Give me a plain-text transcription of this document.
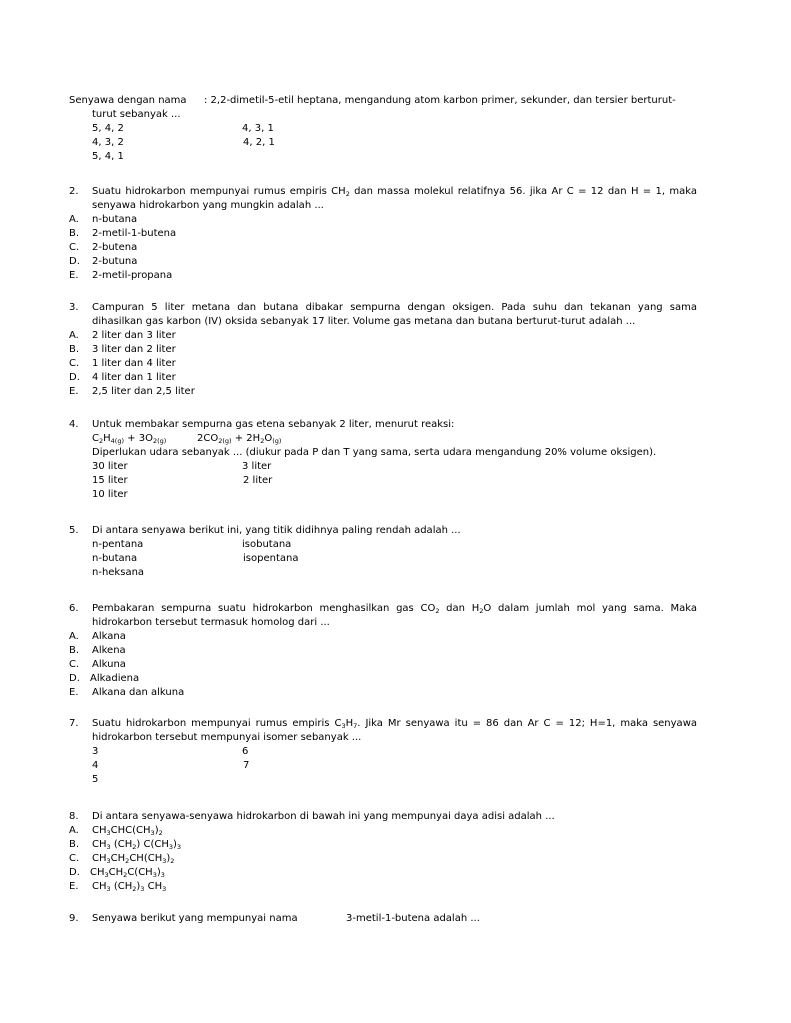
Senyawa dengan nama : 2,2-dimetil-5-etil heptana, mengandung atom karbon primer, sekunder, dan tersier berturut-
turut sebanyak ...
5, 4, 2	4, 3, 1
4, 3, 2	4, 2, 1
5, 4, 1
2. Suatu hidrokarbon mempunyai rumus empiris $CH_2$ dan massa molekul relatifnya 56. jika Ar C = 12 dan H = 1, maka
senyawa hidrokarbon yang mungkin adalah ...
A. n-butana
B. 2-metil-1-butena
C. 2-butena
D. 2-butuna
E. 2-metil-propana
3. Campuran 5 liter metana dan butana dibakar sempurna dengan oksigen. Pada suhu dan tekanan yang sama
dihasilkan gas karbon (IV) oksida sebanyak 17 liter. Volume gas metana dan butana berturut-turut adalah ...
A. 2 liter dan 3 liter
B. 3 liter dan 2 liter
C. 1 liter dan 4 liter
D. 4 liter dan 1 liter
E. 2,5 liter dan 2,5 liter
4. Untuk membakar sempurna gas etena sebanyak 2 liter, menurut reaksi:
$C_2H_{4(g)} + 3O_{2(g)}$	$2CO_{2(g)} + 2H_2O_{(g)}$
Diperlukan udara sebanyak ... (diukur pada P dan T yang sama, serta udara mengandung 20% volume oksigen).
30 liter	3 liter
15 liter	2 liter
10 liter
5. Di antara senyawa berikut ini, yang titik didihnya paling rendah adalah ...
n-pentana	isobutana
n-butana	isopentana
n-heksana
6. Pembakaran sempurna suatu hidrokarbon menghasilkan gas $CO_2$ dan $H_2O$ dalam jumlah mol yang sama. Maka
hidrokarbon tersebut termasuk homolog dari ...
A. Alkana
B. Alkena
C. Alkuna
D. Alkadiena
E. Alkana dan alkuna
7. Suatu hidrokarbon mempunyai rumus empiris $C_3H_7$. Jika Mr senyawa itu = 86 dan Ar C = 12; H=1, maka senyawa
hidrokarbon tersebut mempunyai isomer sebanyak ...
3	6
4	7
5
8. Di antara senyawa-senyawa hidrokarbon di bawah ini yang mempunyai daya adisi adalah ...
A. $CH_3CHC(CH_3)_2$
B. $CH_3$ $(CH_2)$ $C(CH_3)_3$
C. $CH_3CH_2CH(CH_3)_2$
D. $CH_3CH_2C(CH_3)_3$
E. $CH_3$ $(CH_2)_3$ $CH_3$
9. Senyawa berikut yang mempunyai nama	3-metil-1-butena adalah ...
